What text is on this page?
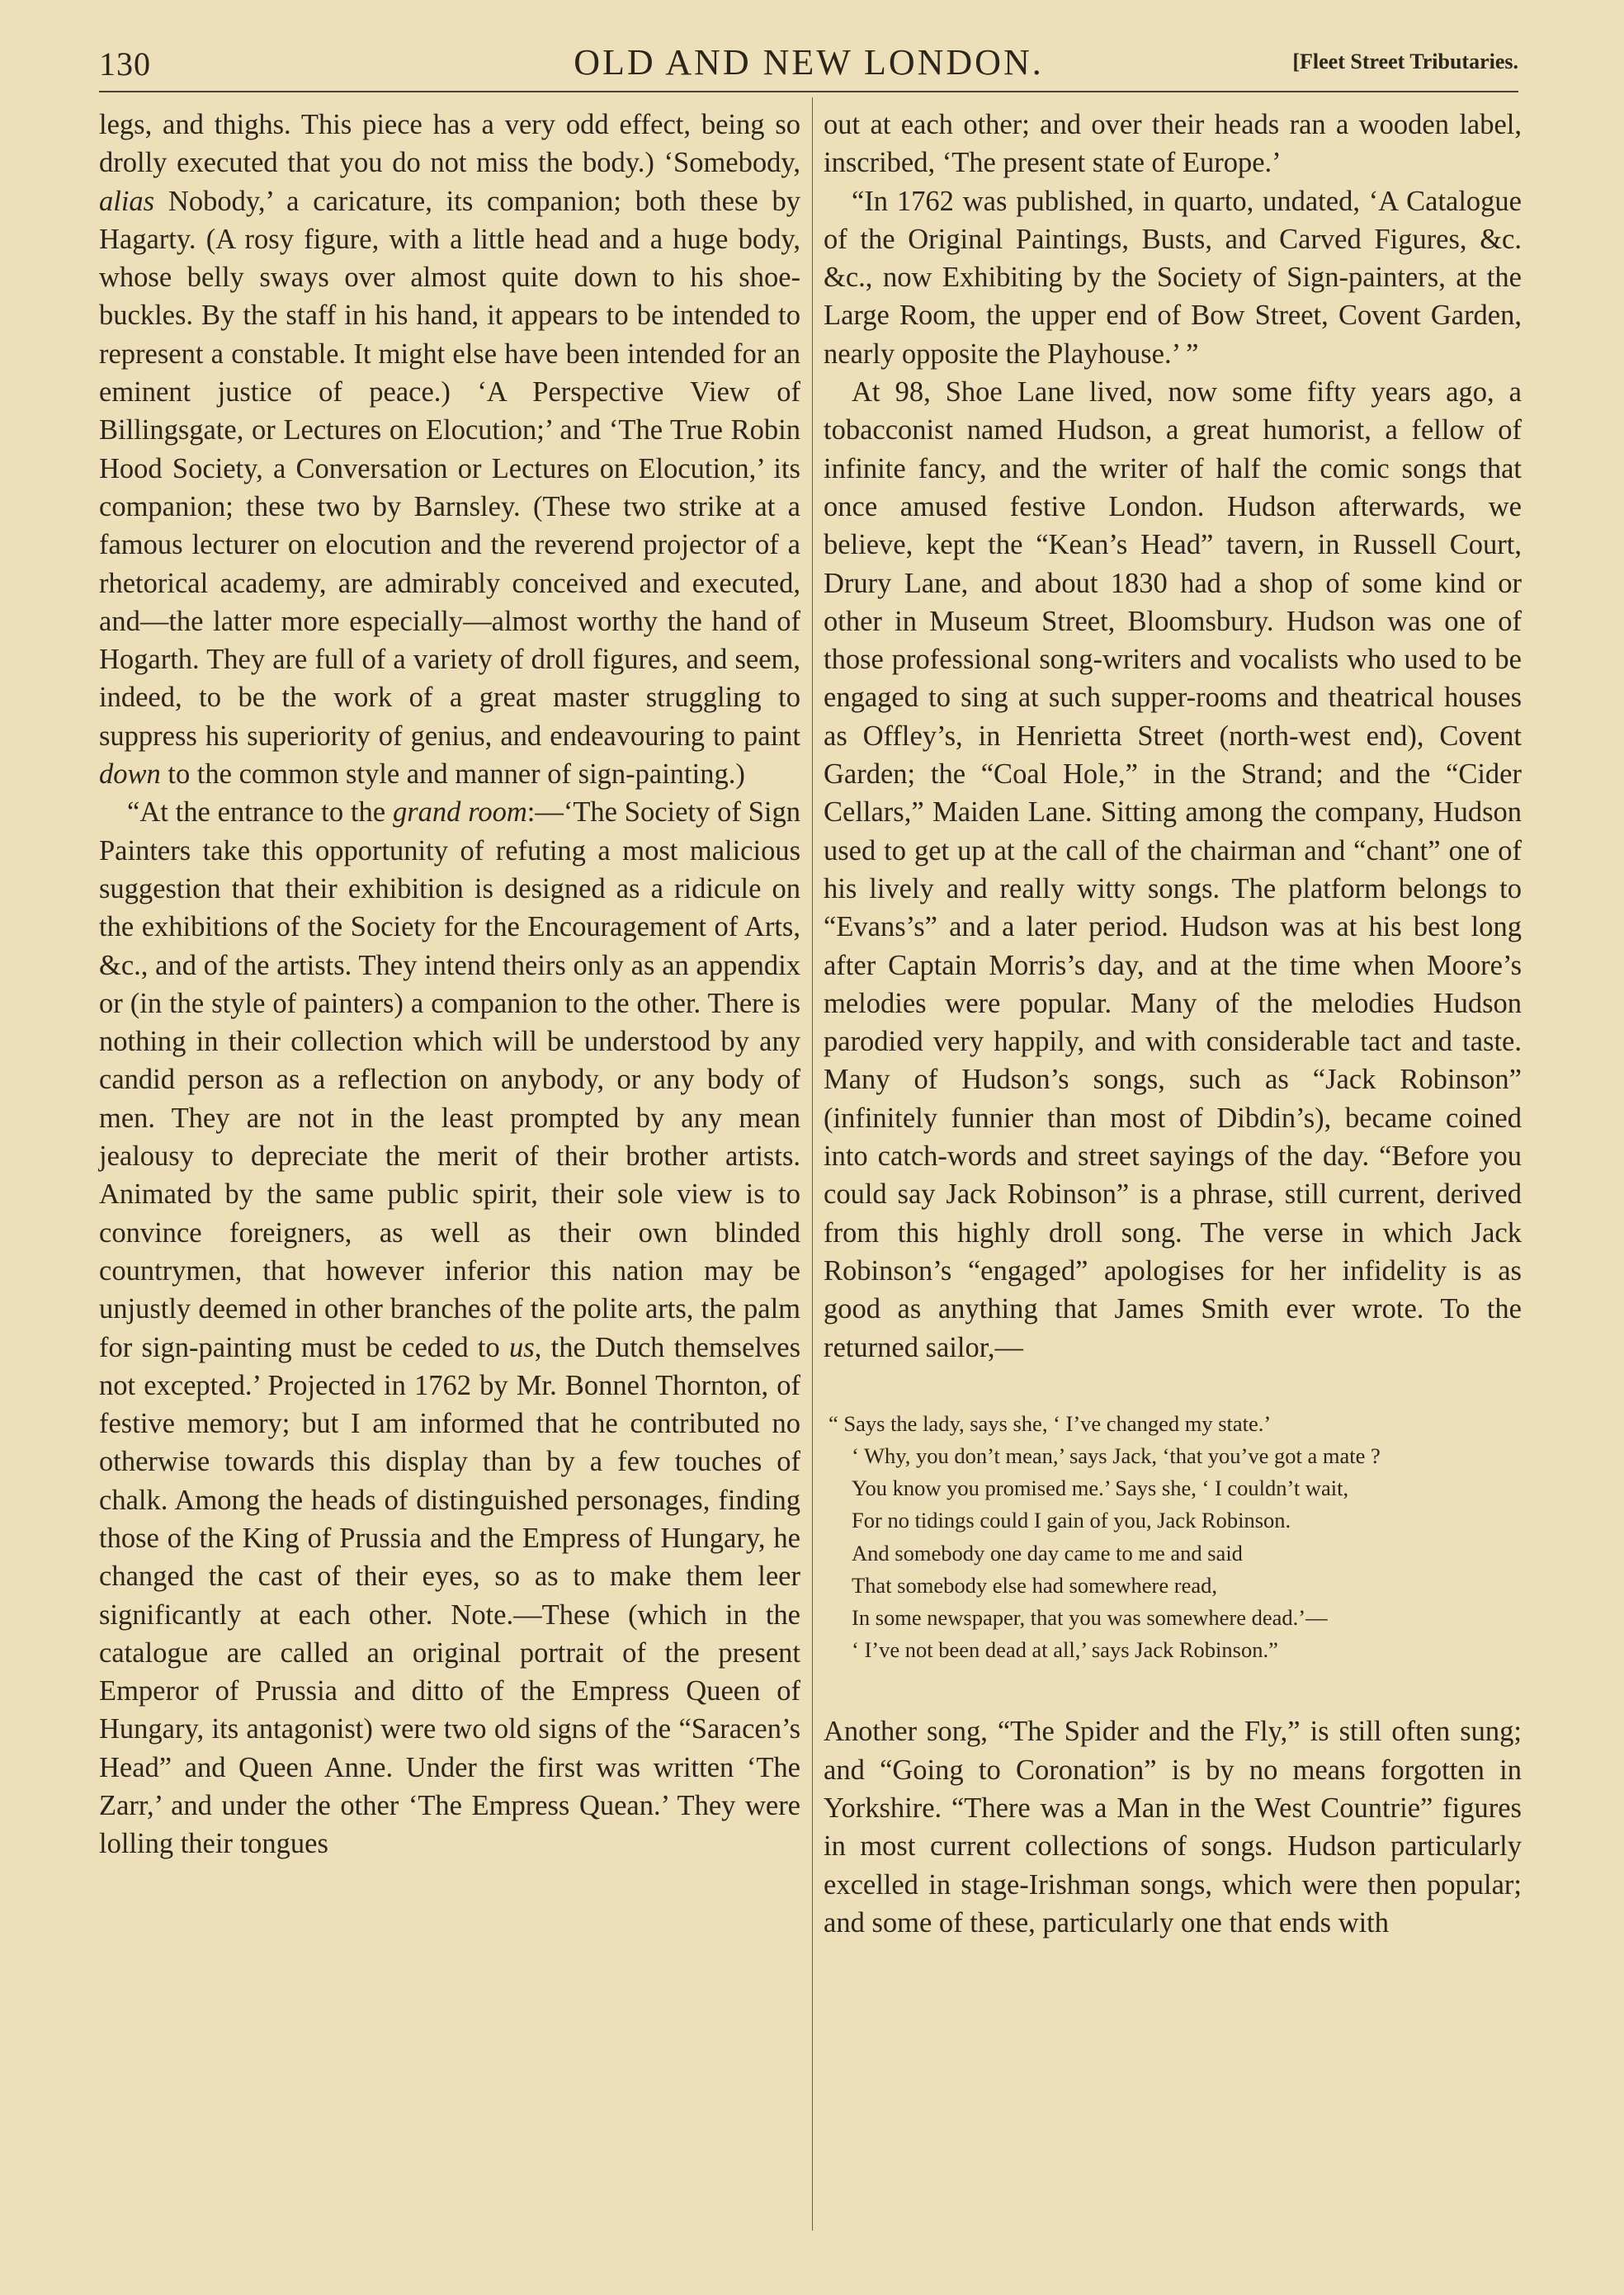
130	OLD AND NEW LONDON.	[Fleet Street Tributaries.

legs, and thighs. This piece has a very odd effect, being so drolly executed that you do not miss the body.) ‘Somebody, alias Nobody,’ a caricature, its companion; both these by Hagarty. (A rosy figure, with a little head and a huge body, whose belly sways over almost quite down to his shoe-buckles. By the staff in his hand, it appears to be intended to represent a constable. It might else have been intended for an eminent justice of peace.) ‘A Perspective View of Billingsgate, or Lectures on Elocution;’ and ‘The True Robin Hood Society, a Conversation or Lectures on Elocution,’ its companion; these two by Barnsley. (These two strike at a famous lecturer on elocution and the reverend projector of a rhetorical academy, are admirably conceived and executed, and—the latter more especially—almost worthy the hand of Hogarth. They are full of a variety of droll figures, and seem, indeed, to be the work of a great master struggling to suppress his superiority of genius, and endeavouring to paint down to the common style and manner of sign-painting.)

“At the entrance to the grand room:—‘The Society of Sign Painters take this opportunity of refuting a most malicious suggestion that their exhibition is designed as a ridicule on the exhibitions of the Society for the Encouragement of Arts, &c., and of the artists. They intend theirs only as an appendix or (in the style of painters) a companion to the other. There is nothing in their collection which will be understood by any candid person as a reflection on anybody, or any body of men. They are not in the least prompted by any mean jealousy to depreciate the merit of their brother artists. Animated by the same public spirit, their sole view is to convince foreigners, as well as their own blinded countrymen, that however inferior this nation may be unjustly deemed in other branches of the polite arts, the palm for sign-painting must be ceded to us, the Dutch themselves not excepted.’ Projected in 1762 by Mr. Bonnel Thornton, of festive memory; but I am informed that he contributed no otherwise towards this display than by a few touches of chalk. Among the heads of distinguished personages, finding those of the King of Prussia and the Empress of Hungary, he changed the cast of their eyes, so as to make them leer significantly at each other. Note.—These (which in the catalogue are called an original portrait of the present Emperor of Prussia and ditto of the Empress Queen of Hungary, its antagonist) were two old signs of the “Saracen’s Head” and Queen Anne. Under the first was written ‘The Zarr,’ and under the other ‘The Empress Quean.’ They were lolling their tongues

out at each other; and over their heads ran a wooden label, inscribed, ‘The present state of Europe.’

“In 1762 was published, in quarto, undated, ‘A Catalogue of the Original Paintings, Busts, and Carved Figures, &c. &c., now Exhibiting by the Society of Sign-painters, at the Large Room, the upper end of Bow Street, Covent Garden, nearly opposite the Playhouse.’ ”

At 98, Shoe Lane lived, now some fifty years ago, a tobacconist named Hudson, a great humorist, a fellow of infinite fancy, and the writer of half the comic songs that once amused festive London. Hudson afterwards, we believe, kept the “Kean’s Head” tavern, in Russell Court, Drury Lane, and about 1830 had a shop of some kind or other in Museum Street, Bloomsbury. Hudson was one of those professional song-writers and vocalists who used to be engaged to sing at such supper-rooms and theatrical houses as Offley’s, in Henrietta Street (north-west end), Covent Garden; the “Coal Hole,” in the Strand; and the “Cider Cellars,” Maiden Lane. Sitting among the company, Hudson used to get up at the call of the chairman and “chant” one of his lively and really witty songs. The platform belongs to “Evans’s” and a later period. Hudson was at his best long after Captain Morris’s day, and at the time when Moore’s melodies were popular. Many of the melodies Hudson parodied very happily, and with considerable tact and taste. Many of Hudson’s songs, such as “Jack Robinson” (infinitely funnier than most of Dibdin’s), became coined into catch-words and street sayings of the day. “Before you could say Jack Robinson” is a phrase, still current, derived from this highly droll song. The verse in which Jack Robinson’s “engaged” apologises for her infidelity is as good as anything that James Smith ever wrote. To the returned sailor,—

“ Says the lady, says she, ‘ I’ve changed my state.’
‘ Why, you don’t mean,’ says Jack, ‘that you’ve got a mate ?
You know you promised me.’ Says she, ‘ I couldn’t wait,
For no tidings could I gain of you, Jack Robinson.
And somebody one day came to me and said
That somebody else had somewhere read,
In some newspaper, that you was somewhere dead.’—
‘ I’ve not been dead at all,’ says Jack Robinson.”

Another song, “The Spider and the Fly,” is still often sung; and “Going to Coronation” is by no means forgotten in Yorkshire. “There was a Man in the West Countrie” figures in most current collections of songs. Hudson particularly excelled in stage-Irishman songs, which were then popular; and some of these, particularly one that ends with
